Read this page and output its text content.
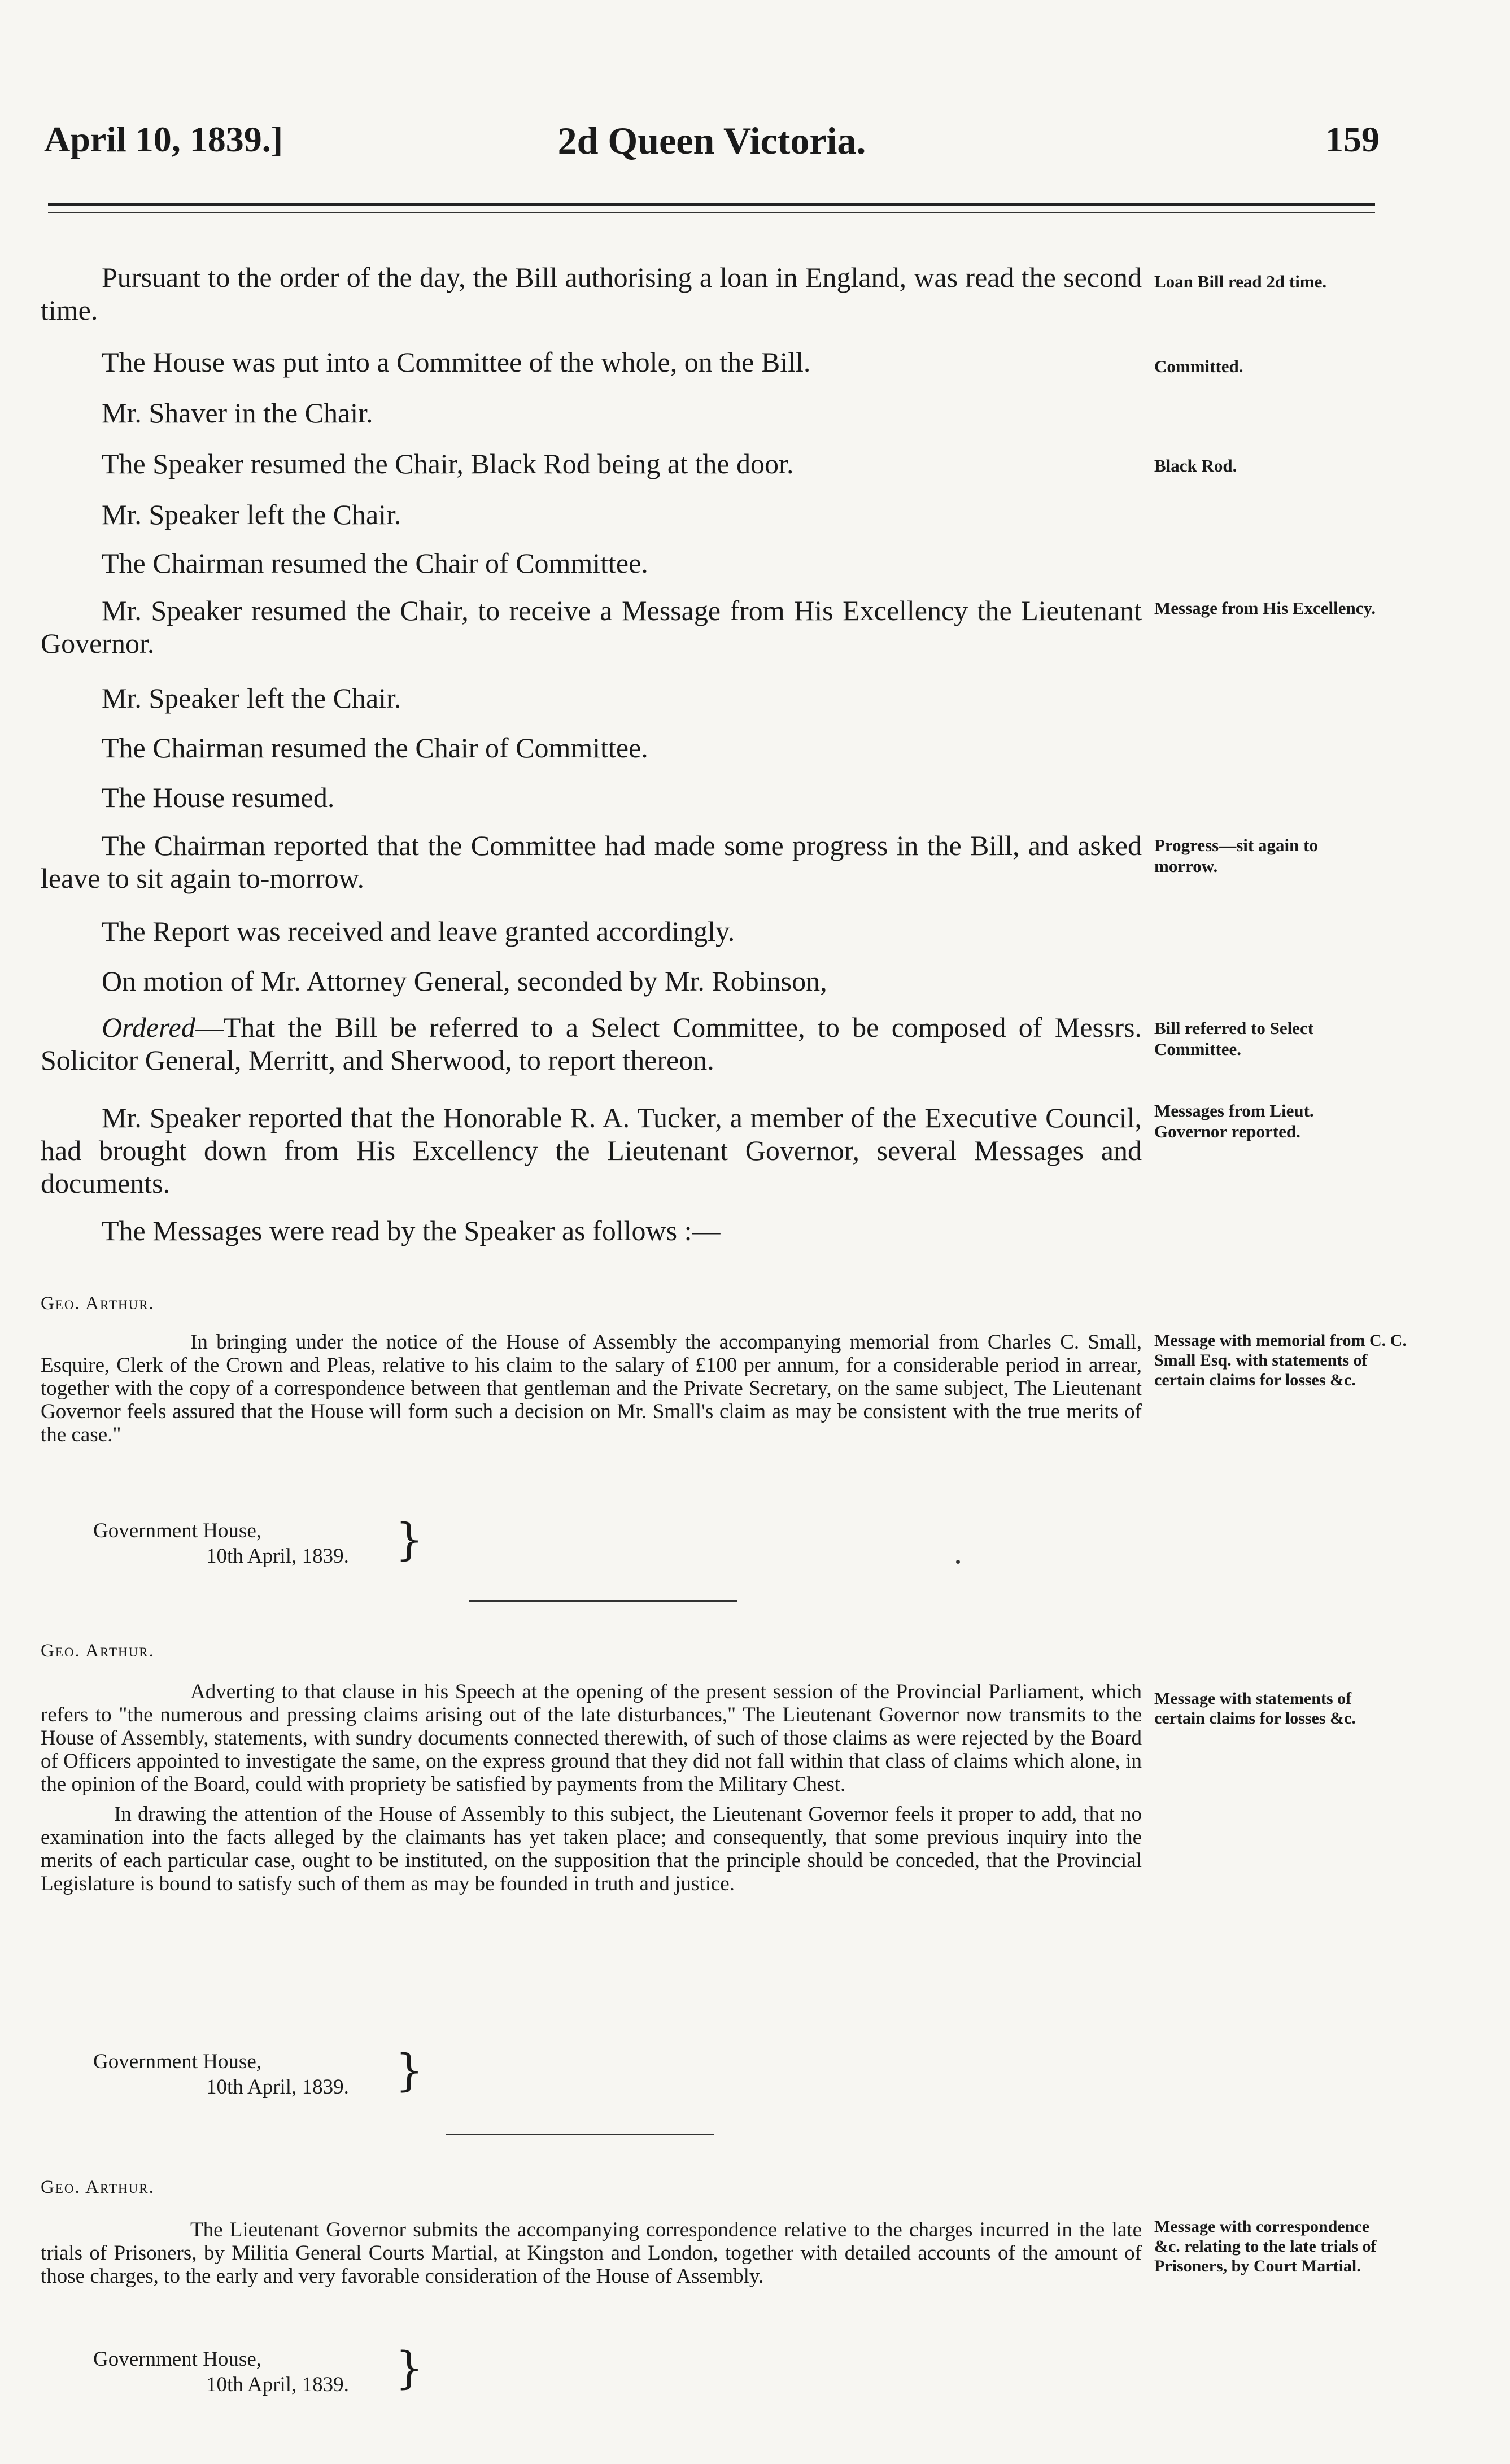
April 10, 1839.]	2d Queen Victoria.	159

Pursuant to the order of the day, the Bill authorising a loan in England, was read the second time.

Loan Bill read 2d time.

The House was put into a Committee of the whole, on the Bill.	Committed.

Mr. Shaver in the Chair.

The Speaker resumed the Chair, Black Rod being at the door.	Black Rod.

Mr. Speaker left the Chair.

The Chairman resumed the Chair of Committee.

Mr. Speaker resumed the Chair, to receive a Message from His Excellency the Lieutenant Governor.

Message from His Excellency.

Mr. Speaker left the Chair.

The Chairman resumed the Chair of Committee.

The House resumed.

The Chairman reported that the Committee had made some progress in the Bill, and asked leave to sit again to-morrow.

Progress—sit again to morrow.

The Report was received and leave granted accordingly.

On motion of Mr. Attorney General, seconded by Mr. Robinson,

Ordered—That the Bill be referred to a Select Committee, to be composed of Messrs. Solicitor General, Merritt, and Sherwood, to report thereon.

Bill referred to Select Committee.

Mr. Speaker reported that the Honorable R. A. Tucker, a member of the Executive Council, had brought down from His Excellency the Lieutenant Governor, several Messages and documents.

Messages from Lieut. Governor reported.

The Messages were read by the Speaker as follows :—

Geo. Arthur.

In bringing under the notice of the House of Assembly the accompanying memorial from Charles C. Small, Esquire, Clerk of the Crown and Pleas, relative to his claim to the salary of £100 per annum, for a considerable period in arrear, together with the copy of a correspondence between that gentleman and the Private Secretary, on the same subject, The Lieutenant Governor feels assured that the House will form such a decision on Mr. Small's claim as may be consistent with the true merits of the case."

Message with memorial from C. C. Small Esq. with statements of certain claims for losses &c.
Government House,
10th April, 1839. }
Geo. Arthur.

Adverting to that clause in his Speech at the opening of the present session of the Provincial Parliament, which refers to "the numerous and pressing claims arising out of the late disturbances," The Lieutenant Governor now transmits to the House of Assembly, statements, with sundry documents connected therewith, of such of those claims as were rejected by the Board of Officers appointed to investigate the same, on the express ground that they did not fall within that class of claims which alone, in the opinion of the Board, could with propriety be satisfied by payments from the Military Chest.

In drawing the attention of the House of Assembly to this subject, the Lieutenant Governor feels it proper to add, that no examination into the facts alleged by the claimants has yet taken place; and consequently, that some previous inquiry into the merits of each particular case, ought to be instituted, on the supposition that the principle should be conceded, that the Provincial Legislature is bound to satisfy such of them as may be founded in truth and justice.

Message with statements of certain claims for losses &c.
Government House,
10th April, 1839. }
Geo. Arthur.

The Lieutenant Governor submits the accompanying correspondence relative to the charges incurred in the late trials of Prisoners, by Militia General Courts Martial, at Kingston and London, together with detailed accounts of the amount of those charges, to the early and very favorable consideration of the House of Assembly.

Message with correspondence &c. relating to the late trials of Prisoners, by Court Martial.
Government House,
10th April, 1839. }
